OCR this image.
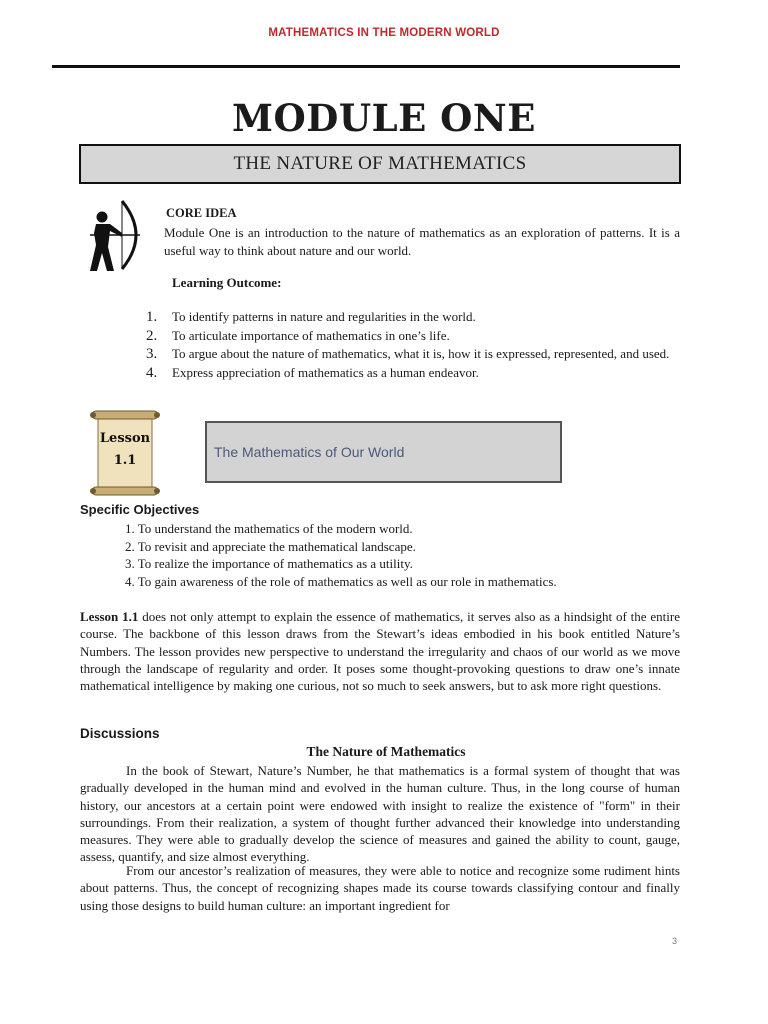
MATHEMATICS IN THE MODERN WORLD
MODULE ONE
THE NATURE OF MATHEMATICS
CORE IDEA
Module One is an introduction to the nature of mathematics as an exploration of patterns. It is a useful way to think about nature and our world.
Learning Outcome:
1.	To identify patterns in nature and regularities in the world.
2.	To articulate importance of mathematics in one’s life.
3.	To argue about the nature of mathematics, what it is, how it is expressed, represented, and used.
4.	Express appreciation of mathematics as a human endeavor.
Lesson
1.1
The Mathematics of Our World
Specific Objectives
1. To understand the mathematics of the modern world.
2. To revisit and appreciate the mathematical landscape.
3. To realize the importance of mathematics as a utility.
4. To gain awareness of the role of mathematics as well as our role in mathematics.
Lesson 1.1 does not only attempt to explain the essence of mathematics, it serves also as a hindsight of the entire course. The backbone of this lesson draws from the Stewart’s ideas embodied in his book entitled Nature’s Numbers. The lesson provides new perspective to understand the irregularity and chaos of our world as we move through the landscape of regularity and order. It poses some thought-provoking questions to draw one’s innate mathematical intelligence by making one curious, not so much to seek answers, but to ask more right questions.
Discussions
The Nature of Mathematics
In the book of Stewart, Nature’s Number, he that mathematics is a formal system of thought that was gradually developed in the human mind and evolved in the human culture. Thus, in the long course of human history, our ancestors at a certain point were endowed with insight to realize the existence of "form" in their surroundings. From their realization, a system of thought further advanced their knowledge into understanding measures. They were able to gradually develop the science of measures and gained the ability to count, gauge, assess, quantify, and size almost everything.
From our ancestor’s realization of measures, they were able to notice and recognize some rudiment hints about patterns. Thus, the concept of recognizing shapes made its course towards classifying contour and finally using those designs to build human culture: an important ingredient for
3
